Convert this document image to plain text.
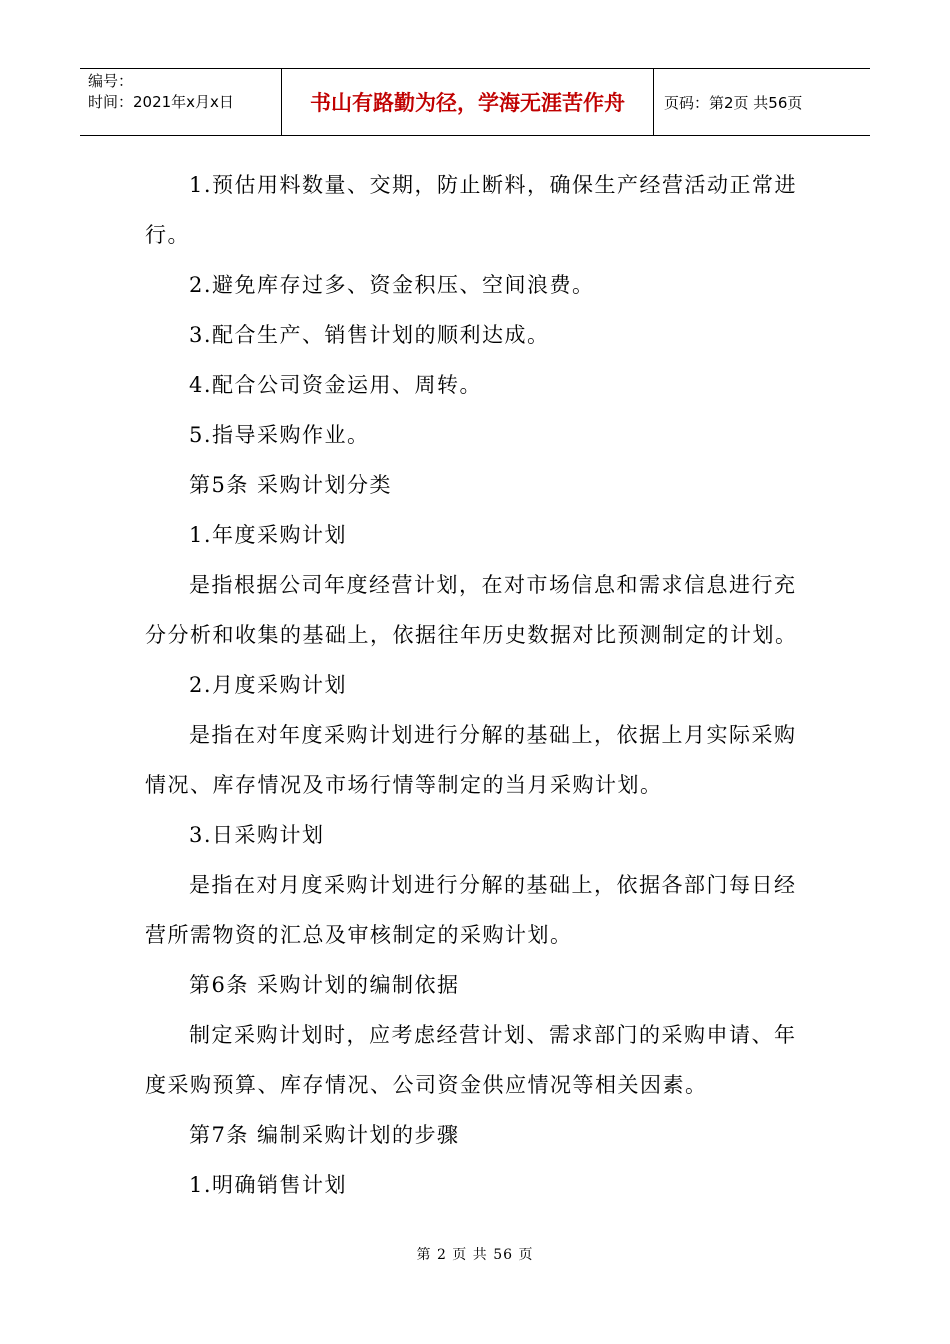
编号：
时间：2021年x月x日	书山有路勤为径，学海无涯苦作舟	页码：第2页 共56页

1.预估用料数量、交期，防止断料，确保生产经营活动正常进行。

2.避免库存过多、资金积压、空间浪费。

3.配合生产、销售计划的顺利达成。

4.配合公司资金运用、周转。

5.指导采购作业。

第5条 采购计划分类

1.年度采购计划

是指根据公司年度经营计划，在对市场信息和需求信息进行充分分析和收集的基础上，依据往年历史数据对比预测制定的计划。

2.月度采购计划

是指在对年度采购计划进行分解的基础上，依据上月实际采购情况、库存情况及市场行情等制定的当月采购计划。

3.日采购计划

是指在对月度采购计划进行分解的基础上，依据各部门每日经营所需物资的汇总及审核制定的采购计划。

第6条 采购计划的编制依据

制定采购计划时，应考虑经营计划、需求部门的采购申请、年度采购预算、库存情况、公司资金供应情况等相关因素。

第7条 编制采购计划的步骤

1.明确销售计划

第 2 页 共 56 页
